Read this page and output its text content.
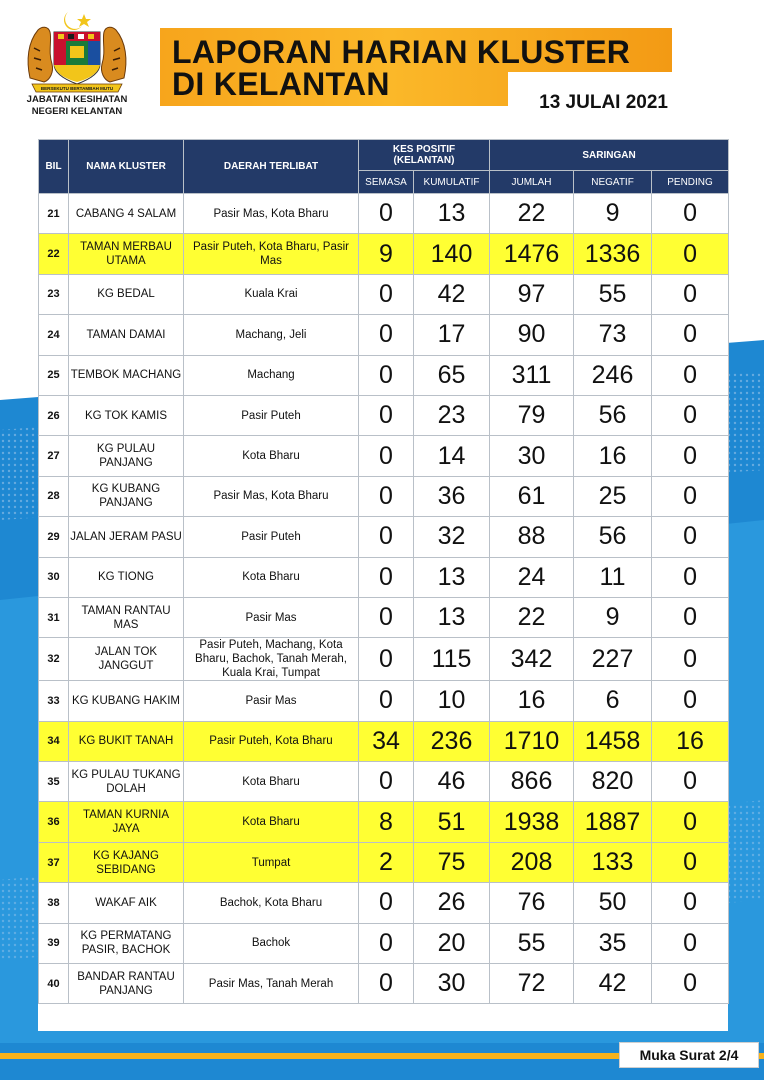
BERSEKUTU BERTAMBAH MUTU
JABATAN KESIHATAN
NEGERI KELANTAN
LAPORAN HARIAN KLUSTER
DI KELANTAN
13 JULAI 2021
BIL	NAMA KLUSTER	DAERAH TERLIBAT	KES POSITIF
(KELANTAN)		SARINGAN		
			SEMASA	KUMULATIF	JUMLAH	NEGATIF	PENDING
21	CABANG 4 SALAM	Pasir Mas, Kota Bharu	0	13	22	9	0
22	TAMAN MERBAU UTAMA	Pasir Puteh, Kota Bharu, Pasir Mas	9	140	1476	1336	0
23	KG BEDAL	Kuala Krai	0	42	97	55	0
24	TAMAN DAMAI	Machang, Jeli	0	17	90	73	0
25	TEMBOK MACHANG	Machang	0	65	311	246	0
26	KG TOK KAMIS	Pasir Puteh	0	23	79	56	0
27	KG PULAU PANJANG	Kota Bharu	0	14	30	16	0
28	KG KUBANG PANJANG	Pasir Mas, Kota Bharu	0	36	61	25	0
29	JALAN JERAM PASU	Pasir Puteh	0	32	88	56	0
30	KG TIONG	Kota Bharu	0	13	24	11	0
31	TAMAN RANTAU MAS	Pasir Mas	0	13	22	9	0
32	JALAN TOK JANGGUT	Pasir Puteh, Machang, Kota Bharu, Bachok, Tanah Merah, Kuala Krai, Tumpat	0	115	342	227	0
33	KG KUBANG HAKIM	Pasir Mas	0	10	16	6	0
34	KG BUKIT TANAH	Pasir Puteh, Kota Bharu	34	236	1710	1458	16
35	KG PULAU TUKANG DOLAH	Kota Bharu	0	46	866	820	0
36	TAMAN KURNIA JAYA	Kota Bharu	8	51	1938	1887	0
37	KG KAJANG SEBIDANG	Tumpat	2	75	208	133	0
38	WAKAF AIK	Bachok, Kota Bharu	0	26	76	50	0
39	KG PERMATANG PASIR, BACHOK	Bachok	0	20	55	35	0
40	BANDAR RANTAU PANJANG	Pasir Mas, Tanah Merah	0	30	72	42	0
Muka Surat 2/4
